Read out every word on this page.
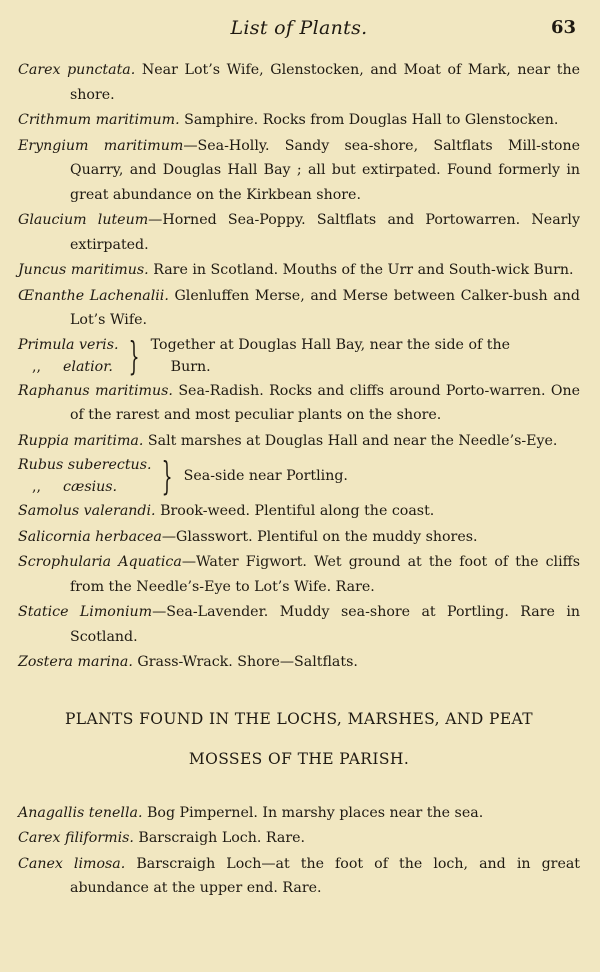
List of Plants.	63

Carex punctata. Near Lot’s Wife, Glenstocken, and Moat of Mark, near the shore.

Crithmum maritimum. Samphire. Rocks from Douglas Hall to Glenstocken.

Eryngium maritimum—Sea-Holly. Sandy sea-shore, Saltflats Mill-stone Quarry, and Douglas Hall Bay ; all but extirpated. Found formerly in great abundance on the Kirkbean shore.

Glaucium luteum—Horned Sea-Poppy. Saltflats and Portowarren. Nearly extirpated.

Juncus maritimus. Rare in Scotland. Mouths of the Urr and South-wick Burn.

Œnanthe Lachenalii. Glenluffen Merse, and Merse between Calker-bush and Lot’s Wife.

Primula veris.
,, elatior. } Together at Douglas Hall Bay, near the side of the
Burn.

Raphanus maritimus. Sea-Radish. Rocks and cliffs around Porto-warren. One of the rarest and most peculiar plants on the shore.

Ruppia maritima. Salt marshes at Douglas Hall and near the Needle’s-Eye.

Rubus suberectus.
,, cæsius.	} Sea-side near Portling.

Samolus valerandi. Brook-weed. Plentiful along the coast.

Salicornia herbacea—Glasswort. Plentiful on the muddy shores.

Scrophularia Aquatica—Water Figwort. Wet ground at the foot of the cliffs from the Needle’s-Eye to Lot’s Wife. Rare.

Statice Limonium—Sea-Lavender. Muddy sea-shore at Portling. Rare in Scotland.

Zostera marina. Grass-Wrack. Shore—Saltflats.

PLANTS FOUND IN THE LOCHS, MARSHES, AND PEAT
MOSSES OF THE PARISH.

Anagallis tenella. Bog Pimpernel. In marshy places near the sea.

Carex filiformis. Barscraigh Loch. Rare.

Canex limosa. Barscraigh Loch—at the foot of the loch, and in great abundance at the upper end. Rare.
